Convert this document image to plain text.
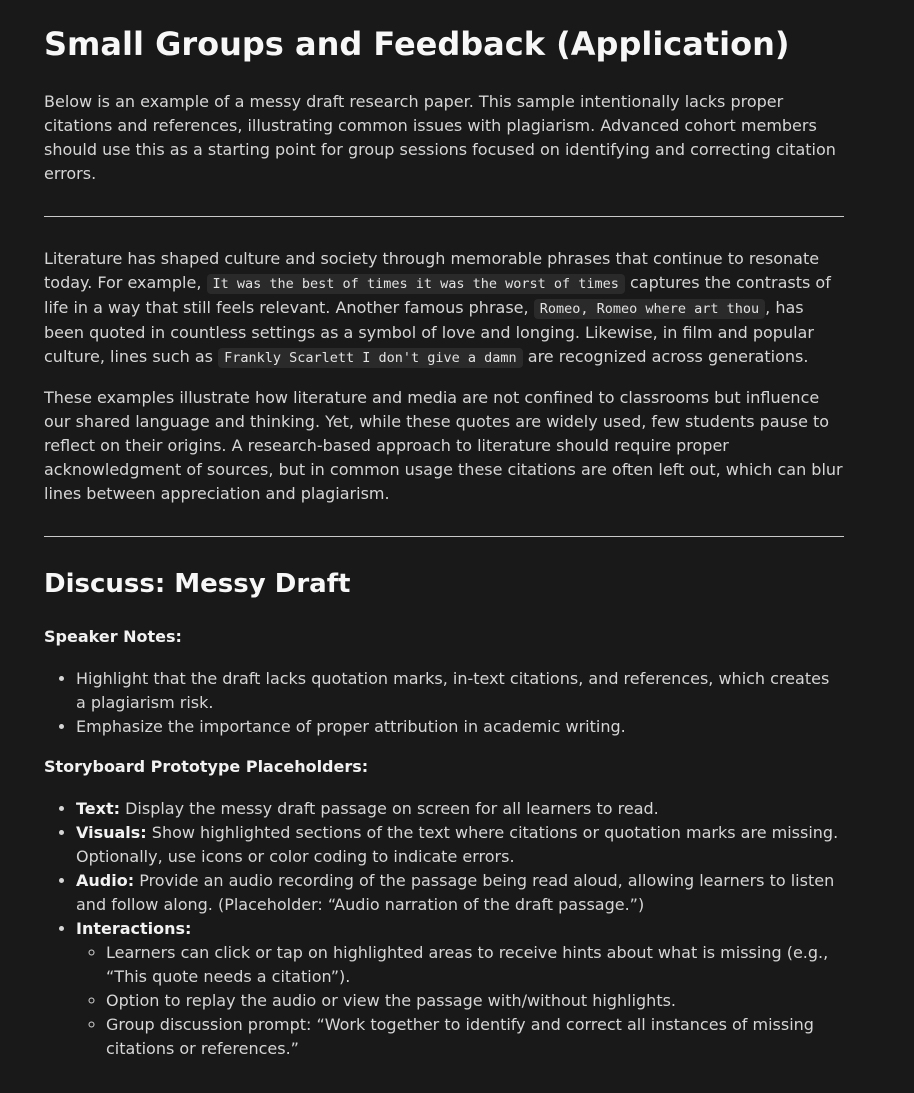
Small Groups and Feedback (Application)

Below is an example of a messy draft research paper. This sample intentionally lacks proper citations and references, illustrating common issues with plagiarism. Advanced cohort members should use this as a starting point for group sessions focused on identifying and correcting citation errors.

Literature has shaped culture and society through memorable phrases that continue to resonate today. For example, It was the best of times it was the worst of times captures the contrasts of life in a way that still feels relevant. Another famous phrase, Romeo, Romeo where art thou , has been quoted in countless settings as a symbol of love and longing. Likewise, in film and popular culture, lines such as Frankly Scarlett I don't give a damn are recognized across generations.

These examples illustrate how literature and media are not confined to classrooms but influence our shared language and thinking. Yet, while these quotes are widely used, few students pause to reflect on their origins. A research-based approach to literature should require proper acknowledgment of sources, but in common usage these citations are often left out, which can blur lines between appreciation and plagiarism.

Discuss: Messy Draft

Speaker Notes:

• Highlight that the draft lacks quotation marks, in-text citations, and references, which creates a plagiarism risk.
• Emphasize the importance of proper attribution in academic writing.

Storyboard Prototype Placeholders:

• Text: Display the messy draft passage on screen for all learners to read.
• Visuals: Show highlighted sections of the text where citations or quotation marks are missing. Optionally, use icons or color coding to indicate errors.
• Audio: Provide an audio recording of the passage being read aloud, allowing learners to listen and follow along. (Placeholder: “Audio narration of the draft passage.”)
• Interactions:
◦ Learners can click or tap on highlighted areas to receive hints about what is missing (e.g., “This quote needs a citation”).
◦ Option to replay the audio or view the passage with/without highlights.
◦ Group discussion prompt: “Work together to identify and correct all instances of missing citations or references.”
